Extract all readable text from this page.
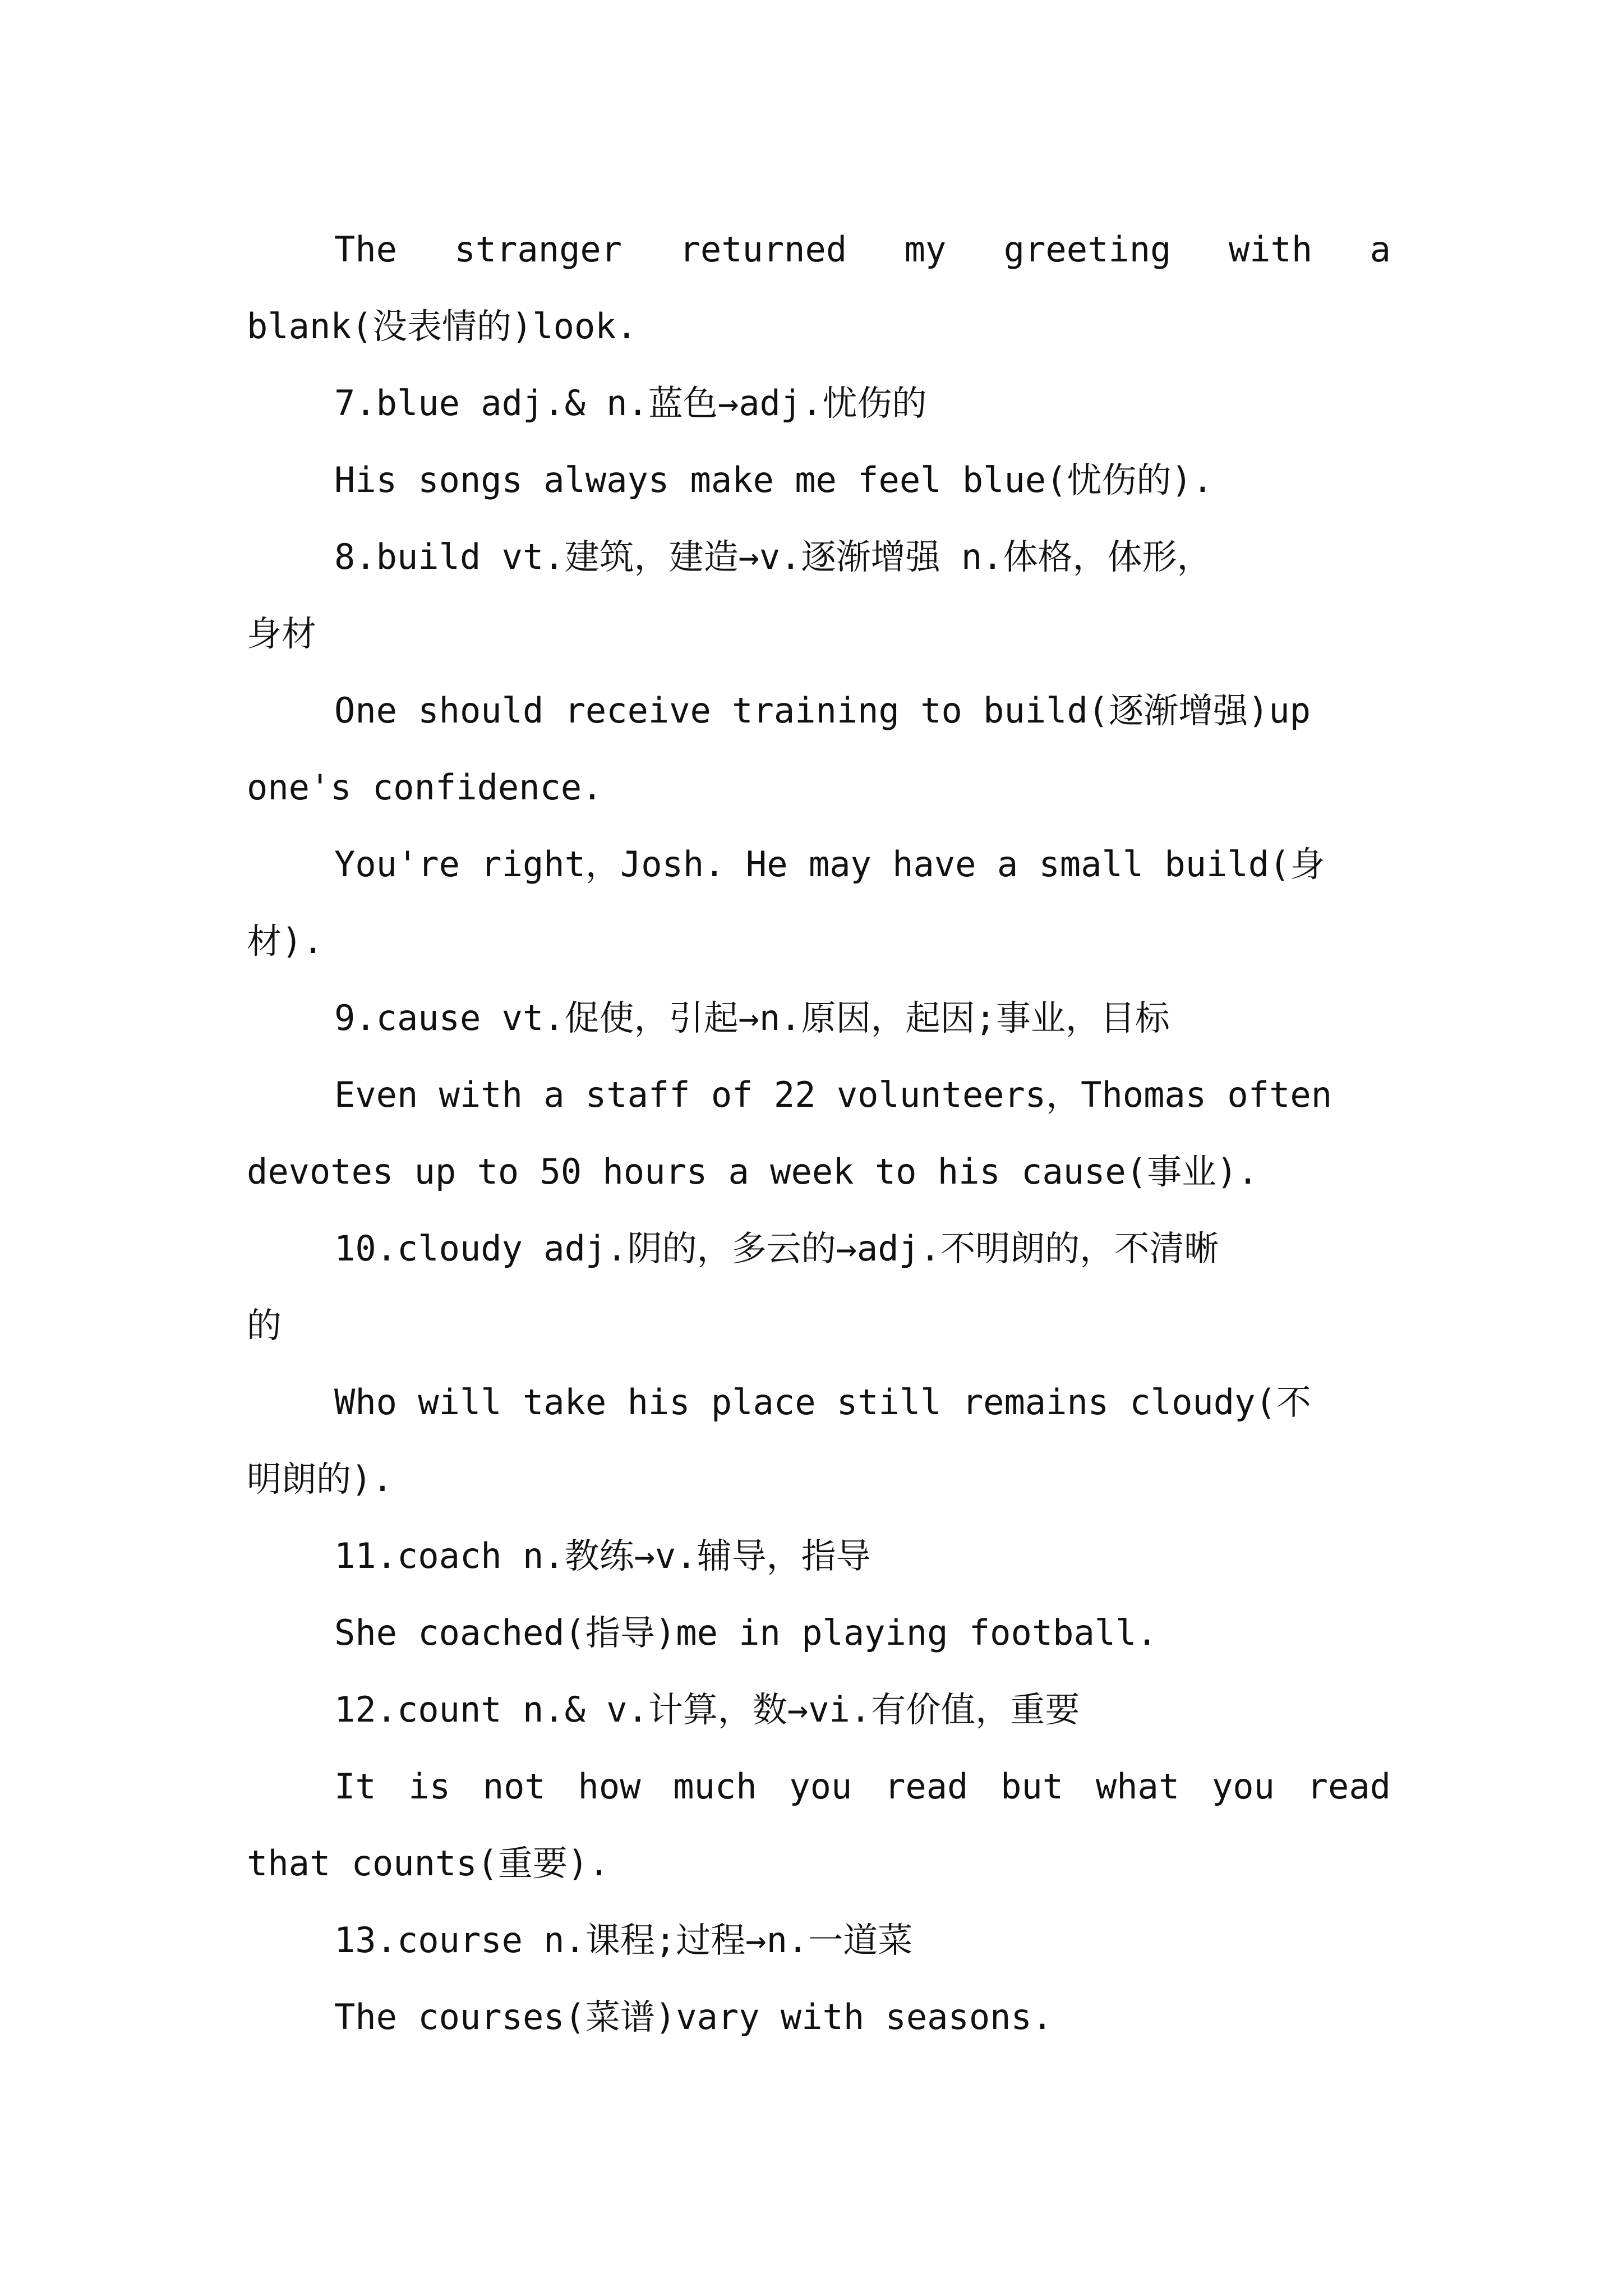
The stranger returned my greeting with a
blank(没表情的)look.
7.blue adj.& n.蓝色→adj.忧伤的
His songs always make me feel blue(忧伤的).
8.build vt.建筑，建造→v.逐渐增强 n.体格，体形，
身材
One should receive training to build(逐渐增强)up
one's confidence.
You're right，Josh. He may have a small build(身
材).
9.cause vt.促使，引起→n.原因，起因;事业，目标
Even with a staff of 22 volunteers，Thomas often
devotes up to 50 hours a week to his cause(事业).
10.cloudy adj.阴的，多云的→adj.不明朗的，不清晰
的
Who will take his place still remains cloudy(不
明朗的).
11.coach n.教练→v.辅导，指导
She coached(指导)me in playing football.
12.count n.& v.计算，数→vi.有价值，重要
It is not how much you read but what you read
that counts(重要).
13.course n.课程;过程→n.一道菜
The courses(菜谱)vary with seasons.
